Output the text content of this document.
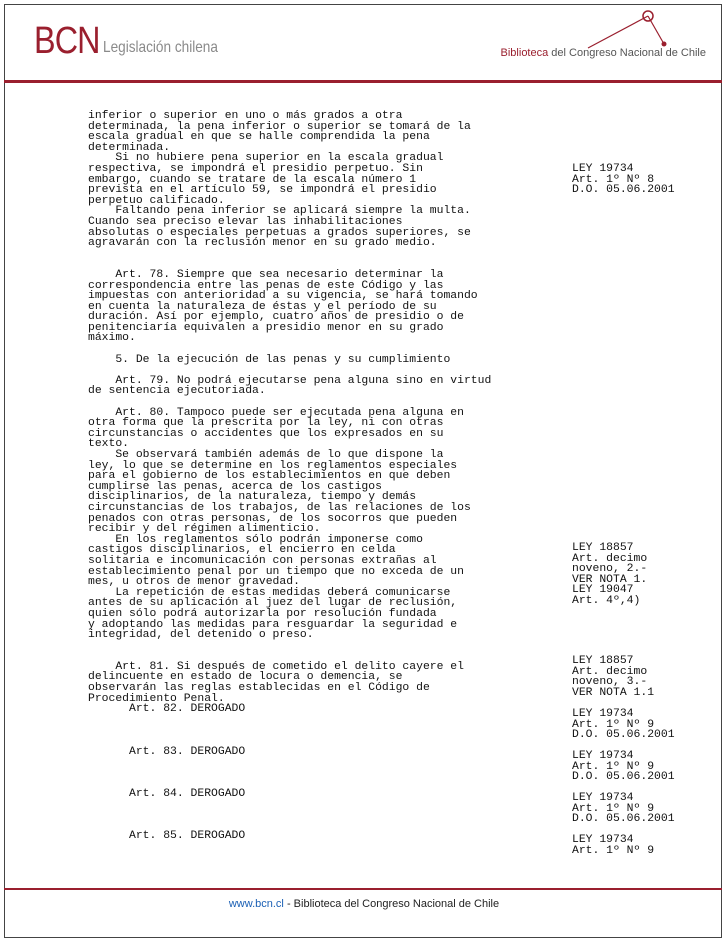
BCN Legislación chilena	Biblioteca del Congreso Nacional de Chile
inferior o superior en uno o más grados a otra
determinada, la pena inferior o superior se tomará de la
escala gradual en que se halle comprendida la pena
determinada.
Si no hubiere pena superior en la escala gradual
respectiva, se impondrá el presidio perpetuo. Sin
embargo, cuando se tratare de la escala número 1
prevista en el artículo 59, se impondrá el presidio
perpetuo calificado.
Faltando pena inferior se aplicará siempre la multa.
Cuando sea preciso elevar las inhabilitaciones
absolutas o especiales perpetuas a grados superiores, se
agravarán con la reclusión menor en su grado medio.

Art. 78. Siempre que sea necesario determinar la
correspondencia entre las penas de este Código y las
impuestas con anterioridad a su vigencia, se hará tomando
en cuenta la naturaleza de éstas y el período de su
duración. Así por ejemplo, cuatro años de presidio o de
penitenciaría equivalen a presidio menor en su grado
máximo.

5. De la ejecución de las penas y su cumplimiento

Art. 79. No podrá ejecutarse pena alguna sino en virtud
de sentencia ejecutoriada.

Art. 80. Tampoco puede ser ejecutada pena alguna en
otra forma que la prescrita por la ley, ni con otras
circunstancias o accidentes que los expresados en su
texto.
Se observará también además de lo que dispone la
ley, lo que se determine en los reglamentos especiales
para el gobierno de los establecimientos en que deben
cumplirse las penas, acerca de los castigos
disciplinarios, de la naturaleza, tiempo y demás
circunstancias de los trabajos, de las relaciones de los
penados con otras personas, de los socorros que pueden
recibir y del régimen alimenticio.
En los reglamentos sólo podrán imponerse como
castigos disciplinarios, el encierro en celda
solitaria e incomunicación con personas extrañas al
establecimiento penal por un tiempo que no exceda de un
mes, u otros de menor gravedad.
La repetición de estas medidas deberá comunicarse
antes de su aplicación al juez del lugar de reclusión,
quien sólo podrá autorizarla por resolución fundada
y adoptando las medidas para resguardar la seguridad e
integridad, del detenido o preso.

Art. 81. Si después de cometido el delito cayere el
delincuente en estado de locura o demencia, se
observarán las reglas establecidas en el Código de
Procedimiento Penal.
Art. 82. DEROGADO

Art. 83. DEROGADO

Art. 84. DEROGADO

Art. 85. DEROGADO
LEY 19734
Art. 1º Nº 8
D.O. 05.06.2001
LEY 18857
Art. decimo
noveno, 2.-
VER NOTA 1.
LEY 19047
Art. 4º,4)
LEY 18857
Art. decimo
noveno, 3.-
VER NOTA 1.1
LEY 19734
Art. 1º Nº 9
D.O. 05.06.2001
LEY 19734
Art. 1º Nº 9
D.O. 05.06.2001
LEY 19734
Art. 1º Nº 9
D.O. 05.06.2001
LEY 19734
Art. 1º Nº 9
www.bcn.cl - Biblioteca del Congreso Nacional de Chile
